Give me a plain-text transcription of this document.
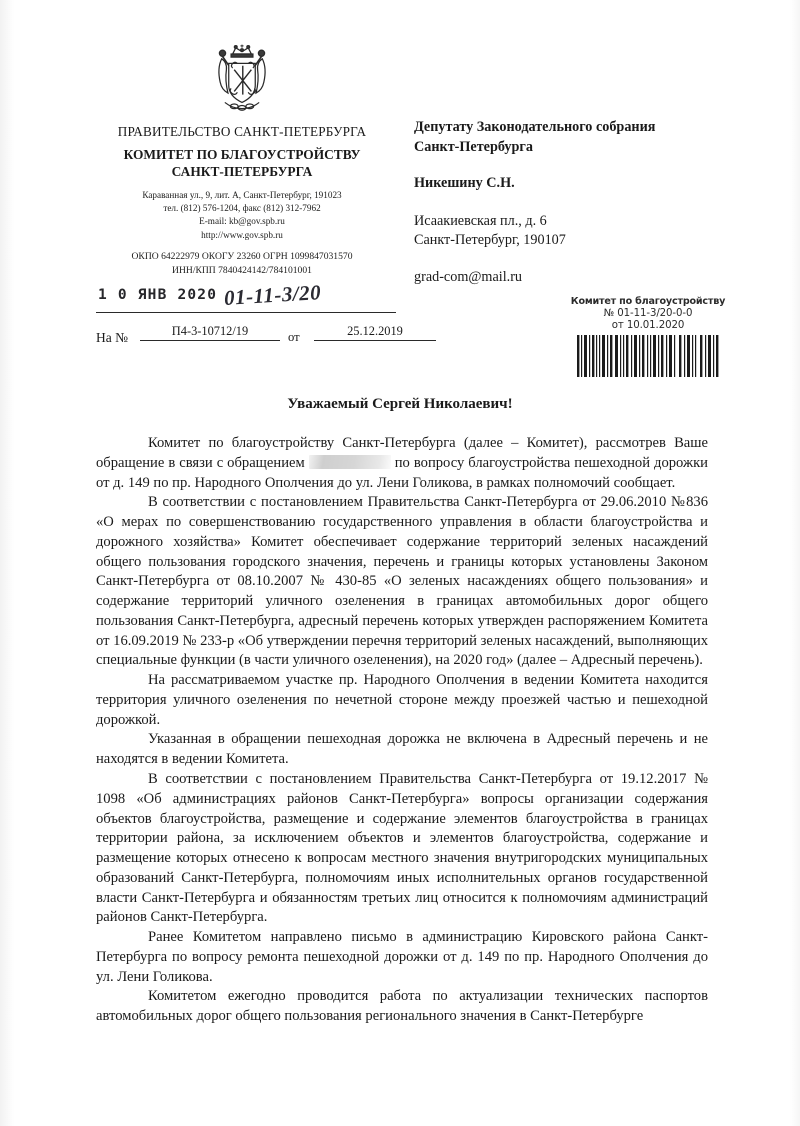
ПРАВИТЕЛЬСТВО САНКТ-ПЕТЕРБУРГА
КОМИТЕТ ПО БЛАГОУСТРОЙСТВУ
САНКТ-ПЕТЕРБУРГА
Караванная ул., 9, лит. А, Санкт-Петербург, 191023
тел. (812) 576-1204, факс (812) 312-7962
E-mail: kb@gov.spb.ru
http://www.gov.spb.ru
ОКПО 64222979 ОКОГУ 23260 ОГРН 1099847031570
ИНН/КПП 7840424142/784101001
1 0 ЯНВ 2020 01-11-3/20
На №	П4-3-10712/19	от	25.12.2019
Депутату Законодательного собрания
Санкт-Петербурга
Никешину С.Н.
Исаакиевская пл., д. 6
Санкт-Петербург, 190107
grad-com@mail.ru
Комитет по благоустройству
№ 01-11-3/20-0-0
от 10.01.2020
Уважаемый Сергей Николаевич!

Комитет по благоустройству Санкт-Петербурга (далее – Комитет), рассмотрев Ваше обращение в связи с обращением	по вопросу благоустройства пешеходной дорожки от д. 149 по пр. Народного Ополчения до ул. Лени Голикова, в рамках полномочий сообщает.

В соответствии с постановлением Правительства Санкт-Петербурга от 29.06.2010 №836 «О мерах по совершенствованию государственного управления в области благоустройства и дорожного хозяйства» Комитет обеспечивает содержание территорий зеленых насаждений общего пользования городского значения, перечень и границы которых установлены Законом Санкт-Петербурга от 08.10.2007 № 430-85 «О зеленых насаждениях общего пользования» и содержание территорий уличного озеленения в границах автомобильных дорог общего пользования Санкт-Петербурга, адресный перечень которых утвержден распоряжением Комитета от 16.09.2019 № 233-р «Об утверждении перечня территорий зеленых насаждений, выполняющих специальные функции (в части уличного озеленения), на 2020 год» (далее – Адресный перечень).

На рассматриваемом участке пр. Народного Ополчения в ведении Комитета находится территория уличного озеленения по нечетной стороне между проезжей частью и пешеходной дорожкой.

Указанная в обращении пешеходная дорожка не включена в Адресный перечень и не находятся в ведении Комитета.

В соответствии с постановлением Правительства Санкт-Петербурга от 19.12.2017 № 1098 «Об администрациях районов Санкт-Петербурга» вопросы организации содержания объектов благоустройства, размещение и содержание элементов благоустройства в границах территории района, за исключением объектов и элементов благоустройства, содержание и размещение которых отнесено к вопросам местного значения внутригородских муниципальных образований Санкт-Петербурга, полномочиям иных исполнительных органов государственной власти Санкт-Петербурга и обязанностям третьих лиц относится к полномочиям администраций районов Санкт-Петербурга.

Ранее Комитетом направлено письмо в администрацию Кировского района Санкт-Петербурга по вопросу ремонта пешеходной дорожки от д. 149 по пр. Народного Ополчения до ул. Лени Голикова.

Комитетом ежегодно проводится работа по актуализации технических паспортов автомобильных дорог общего пользования регионального значения в Санкт-Петербурге
